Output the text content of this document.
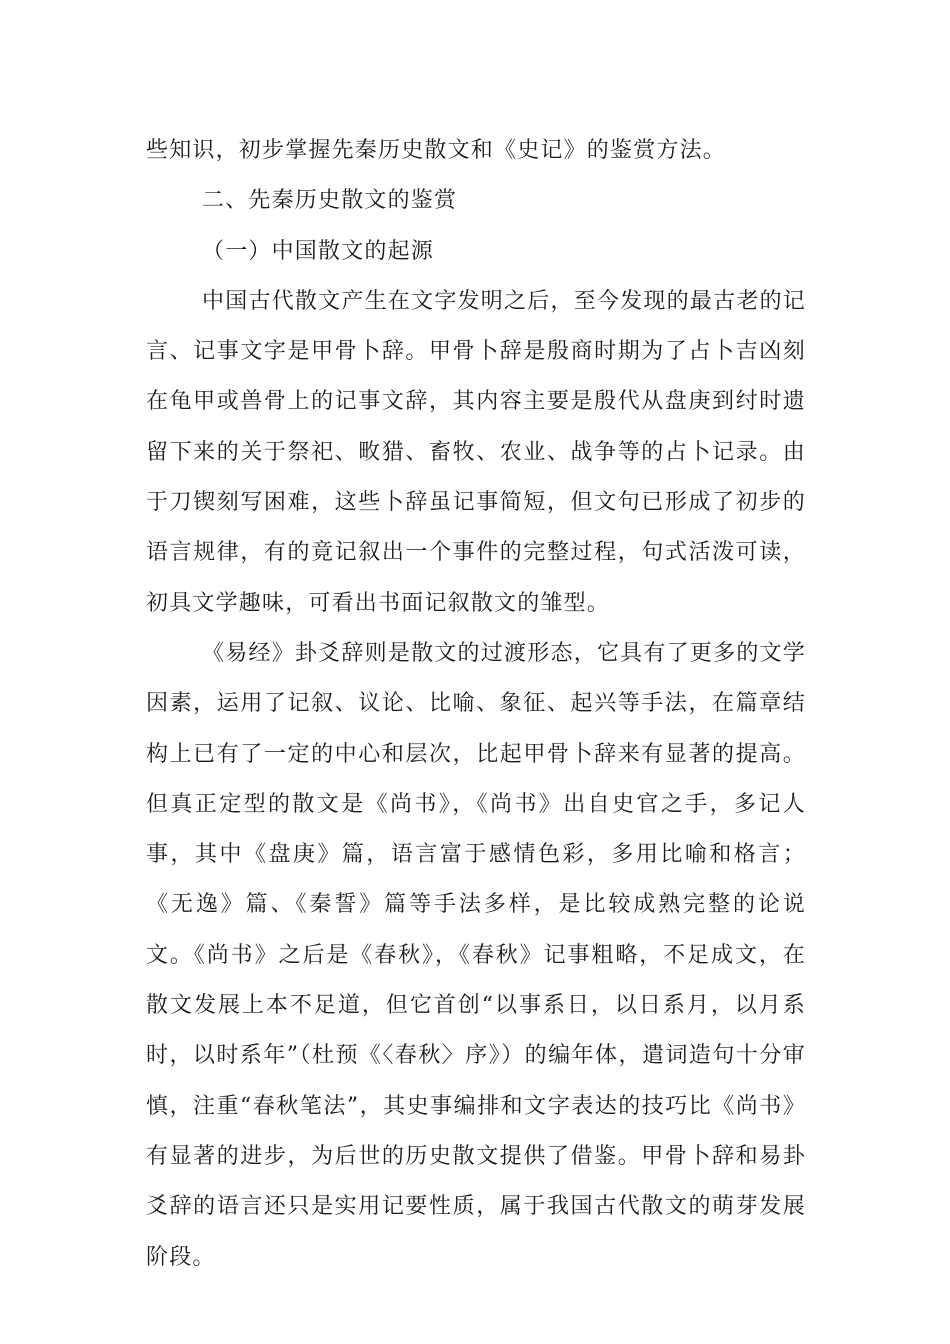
些知识，初步掌握先秦历史散文和《史记》的鉴赏方法。

二、先秦历史散文的鉴赏

（一）中国散文的起源

中国古代散文产生在文字发明之后，至今发现的最古老的记言、记事文字是甲骨卜辞。甲骨卜辞是殷商时期为了占卜吉凶刻在龟甲或兽骨上的记事文辞，其内容主要是殷代从盘庚到纣时遗留下来的关于祭祀、畋猎、畜牧、农业、战争等的占卜记录。由于刀锲刻写困难，这些卜辞虽记事简短，但文句已形成了初步的语言规律，有的竟记叙出一个事件的完整过程，句式活泼可读，初具文学趣味，可看出书面记叙散文的雏型。

《易经》卦爻辞则是散文的过渡形态，它具有了更多的文学因素，运用了记叙、议论、比喻、象征、起兴等手法，在篇章结构上已有了一定的中心和层次，比起甲骨卜辞来有显著的提高。但真正定型的散文是《尚书》，《尚书》出自史官之手，多记人事，其中《盘庚》篇，语言富于感情色彩，多用比喻和格言；《无逸》篇、《秦誓》篇等手法多样，是比较成熟完整的论说文。《尚书》之后是《春秋》，《春秋》记事粗略，不足成文，在散文发展上本不足道，但它首创“以事系日，以日系月，以月系时，以时系年”（杜预《〈春秋〉序》）的编年体，遣词造句十分审慎，注重“春秋笔法”，其史事编排和文字表达的技巧比《尚书》有显著的进步，为后世的历史散文提供了借鉴。甲骨卜辞和易卦爻辞的语言还只是实用记要性质，属于我国古代散文的萌芽发展阶段。
